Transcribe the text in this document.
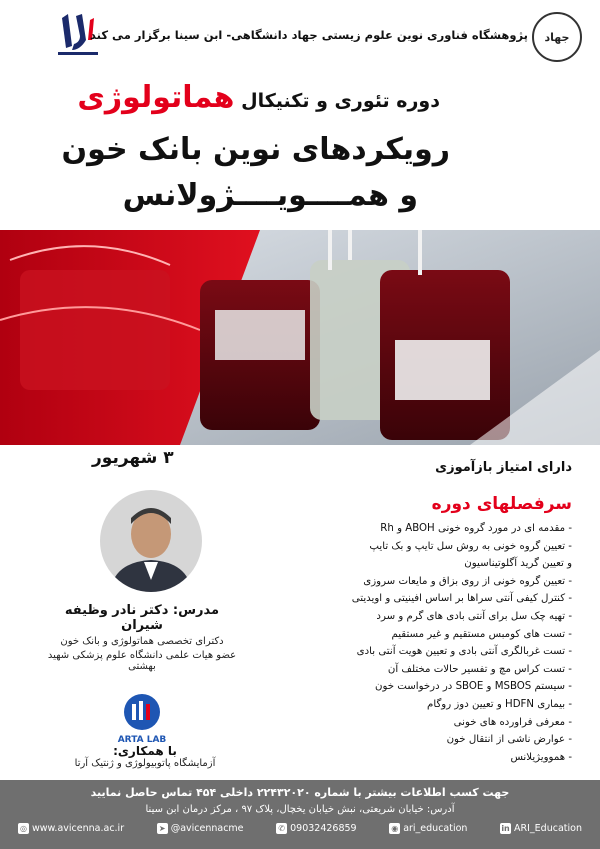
جهاد
پژوهشگاه فناوری نوین علوم زیستی جهاد دانشگاهی- ابن سینا برگزار می کند
دوره تئوری و تکنیکال هماتولوژی
رویکردهای نوین بانک خون
و همــــویــــژولانس
۳ شهریور	دارای امتیاز بازآموزی
مدرس: دکتر نادر وظیفه شیران
دکترای تخصصی هماتولوژی و بانک خون
عضو هیات علمی دانشگاه علوم پزشکی شهید بهشتی
ARTA LAB
با همکاری:
آزمایشگاه پاتوبیولوژی و ژنتیک آرتا
سرفصلهای دوره
- مقدمه ای در مورد گروه خونی ABOH و Rh
- تعیین گروه خونی به روش سل تایپ و بک تایپ
و تعیین گرید آگلوتیناسیون
- تعیین گروه خونی از روی بزاق و مایعات سروزی
- کنترل کیفی آنتی سراها بر اساس افینیتی و اویدیتی
- تهیه چک سل برای آنتی بادی های گرم و سرد
- تست های کومبس مستقیم و غیر مستقیم
- تست غربالگری آنتی بادی و تعیین هویت آنتی بادی
- تست کراس مچ و تفسیر حالات مختلف آن
- سیستم MSBOS و SBOE در درخواست خون
- بیماری HDFN و تعیین دوز روگام
- معرفی فراورده های خونی
- عوارض ناشی از انتقال خون
- هموویژیلانس
جهت کسب اطلاعات بیشتر با شماره ۲۲۴۳۲۰۲۰ داخلی ۴۵۴ تماس حاصل نمایید
آدرس: خیابان شریعتی، نبش خیابان یخچال، پلاک ۹۷ ، مرکز درمان ابن سینا
◎ www.avicenna.ac.ir	➤ @avicennacme	✆ 09032426859	◉ ari_education	in ARI_Education
